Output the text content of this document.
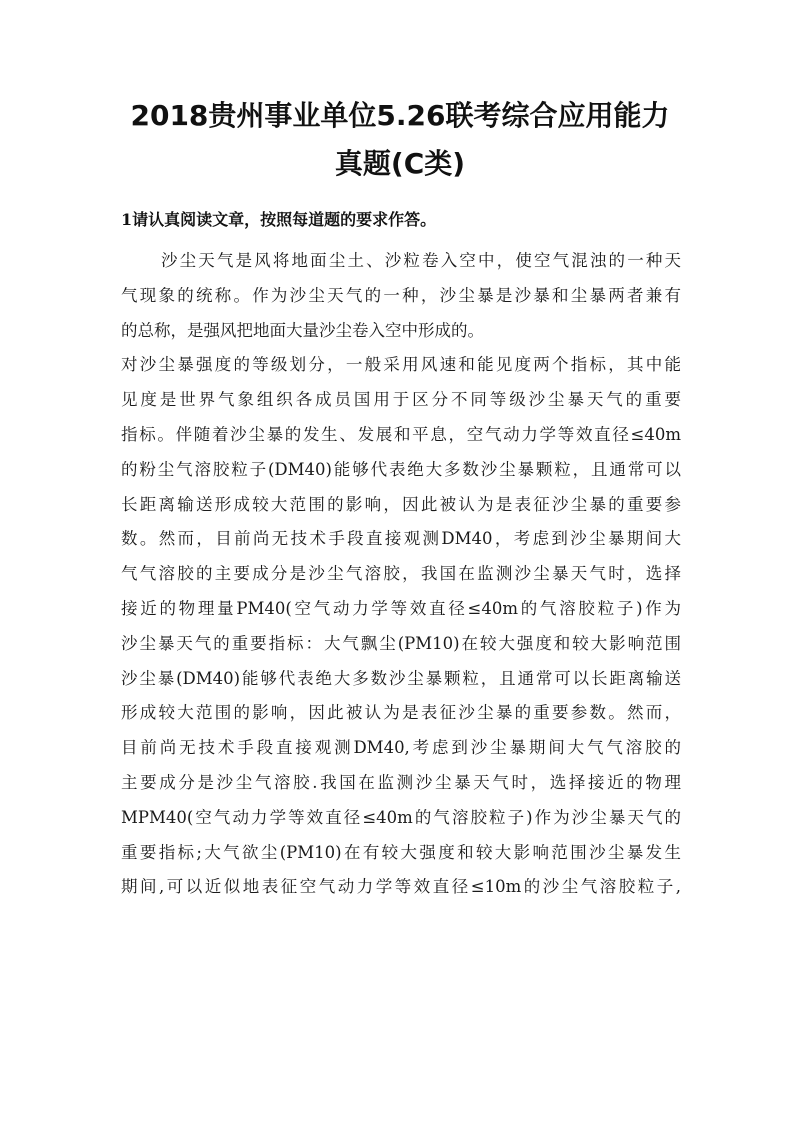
2018贵州事业单位5.26联考综合应用能力
真题(C类)

1请认真阅读文章，按照每道题的要求作答。

沙尘天气是风将地面尘土、沙粒卷入空中，使空气混浊的一种天
气现象的统称。作为沙尘天气的一种，沙尘暴是沙暴和尘暴两者兼有
的总称，是强风把地面大量沙尘卷入空中形成的。
对沙尘暴强度的等级划分，一般采用风速和能见度两个指标，其中能
见度是世界气象组织各成员国用于区分不同等级沙尘暴天气的重要
指标。伴随着沙尘暴的发生、发展和平息，空气动力学等效直径≤40m
的粉尘气溶胶粒子(DM40)能够代表绝大多数沙尘暴颗粒，且通常可以
长距离输送形成较大范围的影响，因此被认为是表征沙尘暴的重要参
数。然而，目前尚无技术手段直接观测DM40，考虑到沙尘暴期间大
气气溶胶的主要成分是沙尘气溶胶，我国在监测沙尘暴天气时，选择
接近的物理量PM40(空气动力学等效直径≤40m的气溶胶粒子)作为
沙尘暴天气的重要指标：大气飘尘(PM10)在较大强度和较大影响范围
沙尘暴(DM40)能够代表绝大多数沙尘暴颗粒，且通常可以长距离输送
形成较大范围的影响，因此被认为是表征沙尘暴的重要参数。然而，
目前尚无技术手段直接观测DM40,考虑到沙尘暴期间大气气溶胶的
主要成分是沙尘气溶胶.我国在监测沙尘暴天气时，选择接近的物理
MPM40(空气动力学等效直径≤40m的气溶胶粒子)作为沙尘暴天气的
重要指标;大气欲尘(PM10)在有较大强度和较大影响范围沙尘暴发生
期间,可以近似地表征空气动力学等效直径≤10m的沙尘气溶胶粒子,
